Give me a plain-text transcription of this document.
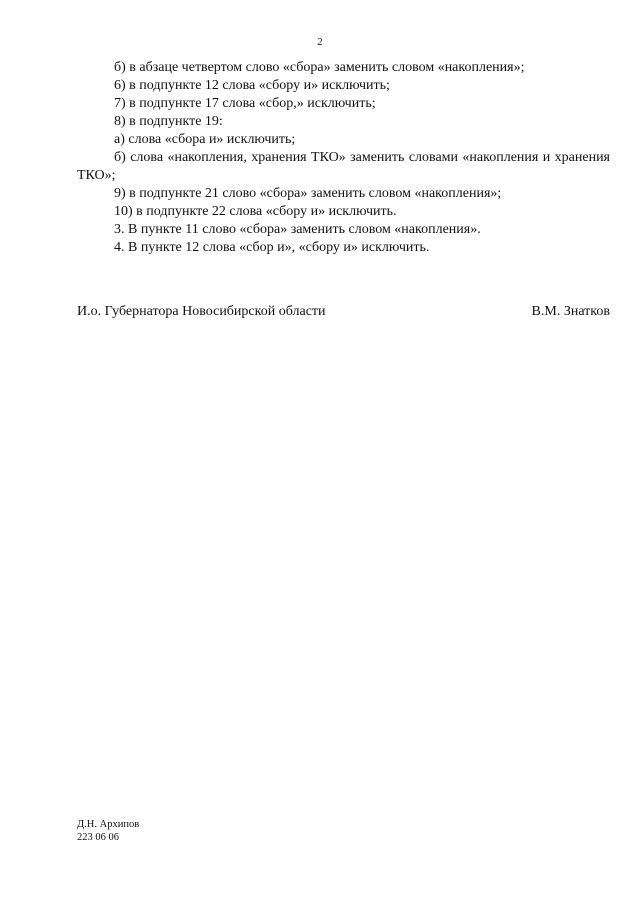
2

б) в абзаце четвертом слово «сбора» заменить словом «накопления»;

6) в подпункте 12 слова «сбору и» исключить;

7) в подпункте 17 слова «сбор,» исключить;

8) в подпункте 19:

а) слова «сбора и» исключить;

б) слова «накопления, хранения ТКО» заменить словами «накопления и хранения ТКО»;

9) в подпункте 21 слово «сбора» заменить словом «накопления»;

10) в подпункте 22 слова «сбору и» исключить.

3. В пункте 11 слово «сбора» заменить словом «накопления».

4. В пункте 12 слова «сбор и», «сбору и» исключить.

И.о. Губернатора Новосибирской области	В.М. Знатков
Д.Н. Архипов
223 06 06
